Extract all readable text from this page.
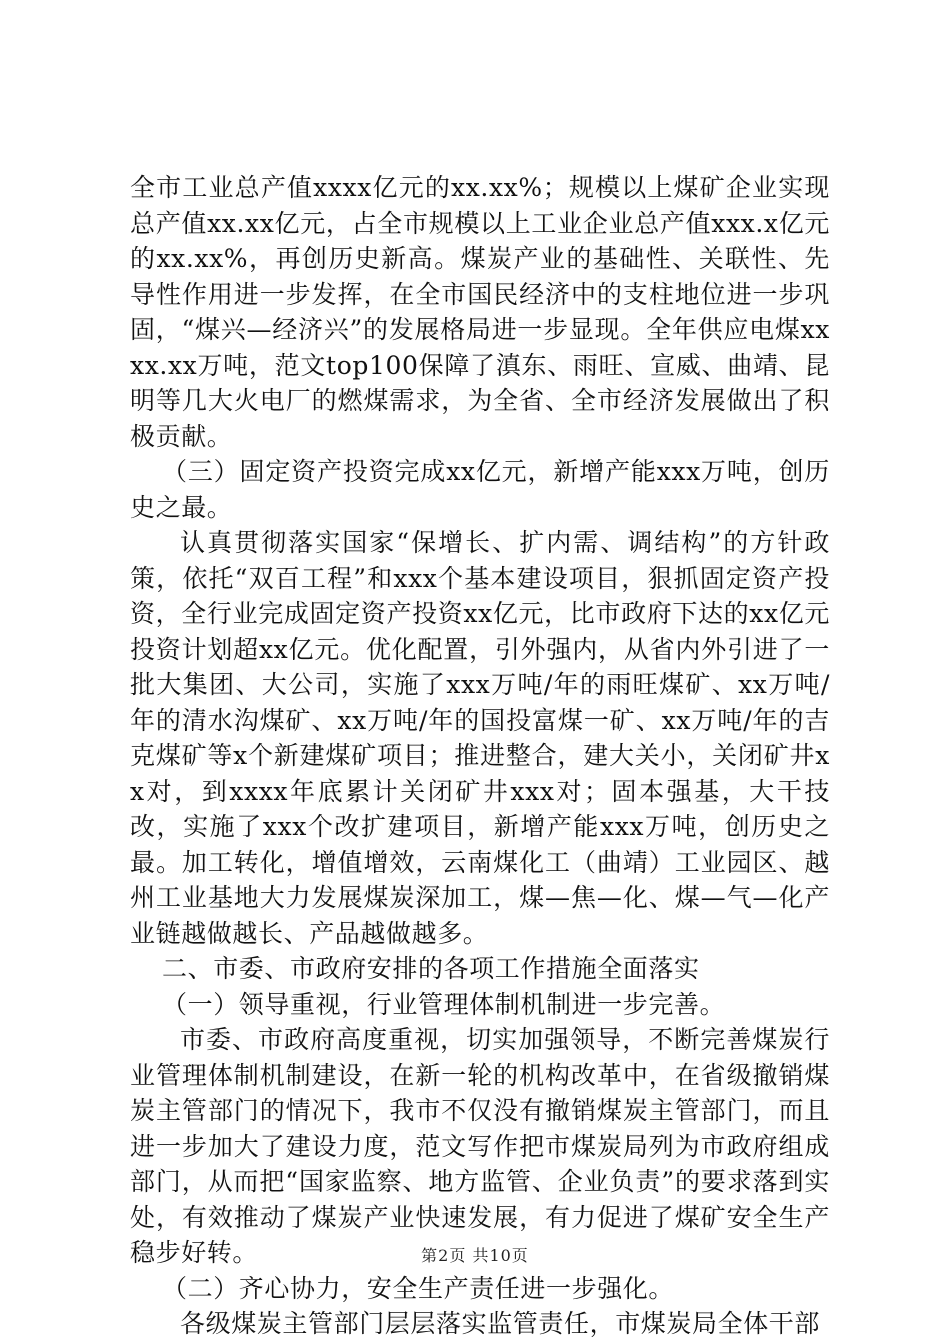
全市工业总产值xxxx亿元的xx.xx%；规模以上煤矿企业实现总产值xx.xx亿元，占全市规模以上工业企业总产值xxx.x亿元的xx.xx%，再创历史新高。煤炭产业的基础性、关联性、先导性作用进一步发挥，在全市国民经济中的支柱地位进一步巩固，“煤兴—经济兴”的发展格局进一步显现。全年供应电煤xxxx.xx万吨，范文top100保障了滇东、雨旺、宣威、曲靖、昆明等几大火电厂的燃煤需求，为全省、全市经济发展做出了积极贡献。

（三）固定资产投资完成xx亿元，新增产能xxx万吨，创历史之最。

认真贯彻落实国家“保增长、扩内需、调结构”的方针政策，依托“双百工程”和xxx个基本建设项目，狠抓固定资产投资，全行业完成固定资产投资xx亿元，比市政府下达的xx亿元投资计划超xx亿元。优化配置，引外强内，从省内外引进了一批大集团、大公司，实施了xxx万吨/年的雨旺煤矿、xx万吨/年的清水沟煤矿、xx万吨/年的国投富煤一矿、xx万吨/年的吉克煤矿等x个新建煤矿项目；推进整合，建大关小，关闭矿井xx对，到xxxx年底累计关闭矿井xxx对；固本强基，大干技改，实施了xxx个改扩建项目，新增产能xxx万吨，创历史之最。加工转化，增值增效，云南煤化工（曲靖）工业园区、越州工业基地大力发展煤炭深加工，煤—焦—化、煤—气—化产业链越做越长、产品越做越多。

二、市委、市政府安排的各项工作措施全面落实

（一）领导重视，行业管理体制机制进一步完善。

市委、市政府高度重视，切实加强领导，不断完善煤炭行业管理体制机制建设，在新一轮的机构改革中，在省级撤销煤炭主管部门的情况下，我市不仅没有撤销煤炭主管部门，而且进一步加大了建设力度，范文写作把市煤炭局列为市政府组成部门，从而把“国家监察、地方监管、企业负责”的要求落到实处，有效推动了煤炭产业快速发展，有力促进了煤矿安全生产稳步好转。

（二）齐心协力，安全生产责任进一步强化。

各级煤炭主管部门层层落实监管责任，市煤炭局全体干部

第2页 共10页
